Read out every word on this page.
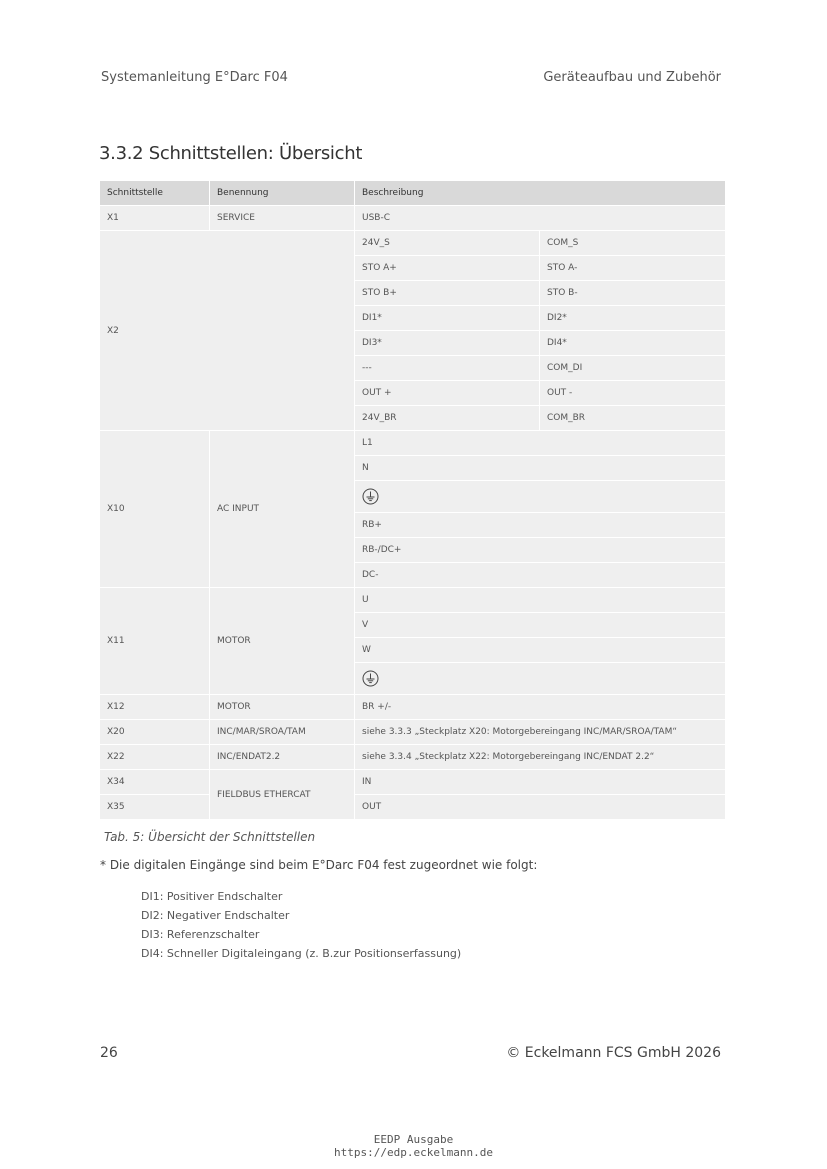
Systemanleitung E°Darc F04	Geräteaufbau und Zubehör
3.3.2 Schnittstellen: Übersicht
Schnittstelle	Benennung	Beschreibung	
X1	SERVICE	USB-C	
X2		24V_S	COM_S
		STO A+	STO A-
		STO B+	STO B-
		DI1*	DI2*
		DI3*	DI4*
		---	COM_DI
		OUT +	OUT -
		24V_BR	COM_BR
X10	AC INPUT	L1	
		N	

		RB+	
		RB-/DC+	
		DC-	
X11	MOTOR	U	
		V	
		W	

X12	MOTOR	BR +/-	
X20	INC/MAR/SROA/TAM	siehe 3.3.3 „Steckplatz X20: Motorgebereingang INC/MAR/SROA/TAM“	
X22	INC/ENDAT2.2	siehe 3.3.4 „Steckplatz X22: Motorgebereingang INC/ENDAT 2.2“	
X34	FIELDBUS ETHERCAT	IN	
X35		OUT	
Tab. 5: Übersicht der Schnittstellen
* Die digitalen Eingänge sind beim E°Darc F04 fest zugeordnet wie folgt:
DI1: Positiver Endschalter
DI2: Negativer Endschalter
DI3: Referenzschalter
DI4: Schneller Digitaleingang (z. B.zur Positionserfassung)
26	© Eckelmann FCS GmbH 2026
EEDP Ausgabe
https://edp.eckelmann.de
